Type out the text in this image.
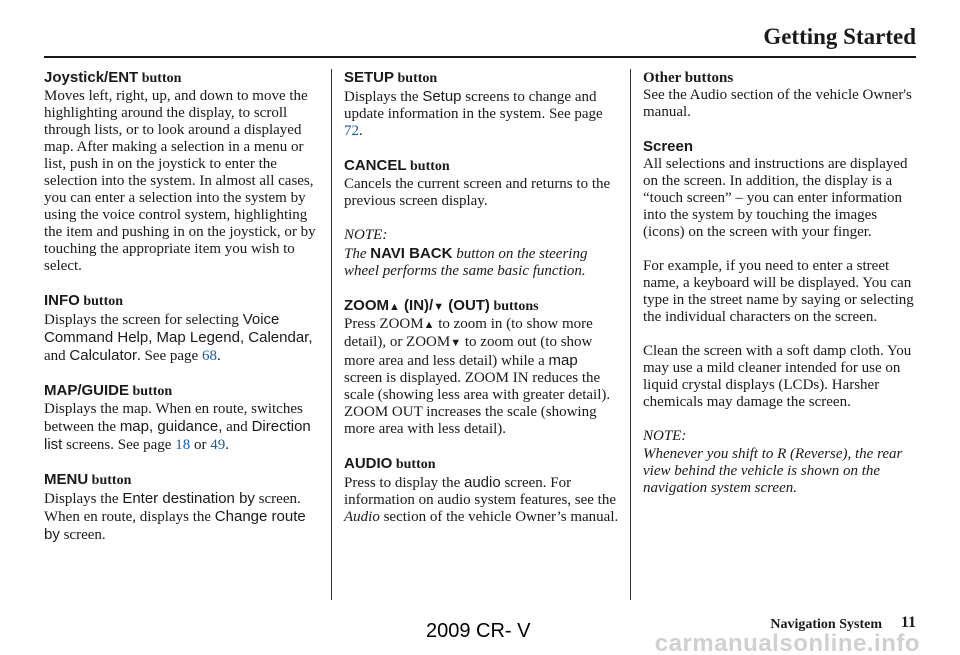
Getting Started
Joystick/ENT button
Moves left, right, up, and down to move the highlighting around the display, to scroll through lists, or to look around a displayed map. After making a selection in a menu or list, push in on the joystick to enter the selection into the system. In almost all cases, you can enter a selection into the system by using the voice control system, highlighting the item and pushing in on the joystick, or by touching the appropriate item you wish to select.
INFO button
Displays the screen for selecting Voice Command Help, Map Legend, Calendar, and Calculator. See page 68.
MAP/GUIDE button
Displays the map. When en route, switches between the map, guidance, and Direction list screens. See page 18 or 49.
MENU button
Displays the Enter destination by screen. When en route, displays the Change route by screen.
SETUP button
Displays the Setup screens to change and update information in the system. See page 72.
CANCEL button
Cancels the current screen and returns to the previous screen display.
NOTE:
The NAVI BACK button on the steering wheel performs the same basic function.
ZOOM▲ (IN)/▼ (OUT) buttons
Press ZOOM▲ to zoom in (to show more detail), or ZOOM▼ to zoom out (to show more area and less detail) while a map screen is displayed. ZOOM IN reduces the scale (showing less area with greater detail). ZOOM OUT increases the scale (showing more area with less detail).
AUDIO button
Press to display the audio screen. For information on audio system features, see the Audio section of the vehicle Owner’s manual.
Other buttons
See the Audio section of the vehicle Owner's manual.
Screen
All selections and instructions are displayed on the screen. In addition, the display is a “touch screen” – you can enter information into the system by touching the images (icons) on the screen with your finger.
For example, if you need to enter a street name, a keyboard will be displayed. You can type in the street name by saying or selecting the individual characters on the screen.
Clean the screen with a soft damp cloth. You may use a mild cleaner intended for use on liquid crystal displays (LCDs). Harsher chemicals may damage the screen.
NOTE:
Whenever you shift to R (Reverse), the rear view behind the vehicle is shown on the navigation system screen.
Navigation System 11
2009 CR- V	carmanualsonline.info
